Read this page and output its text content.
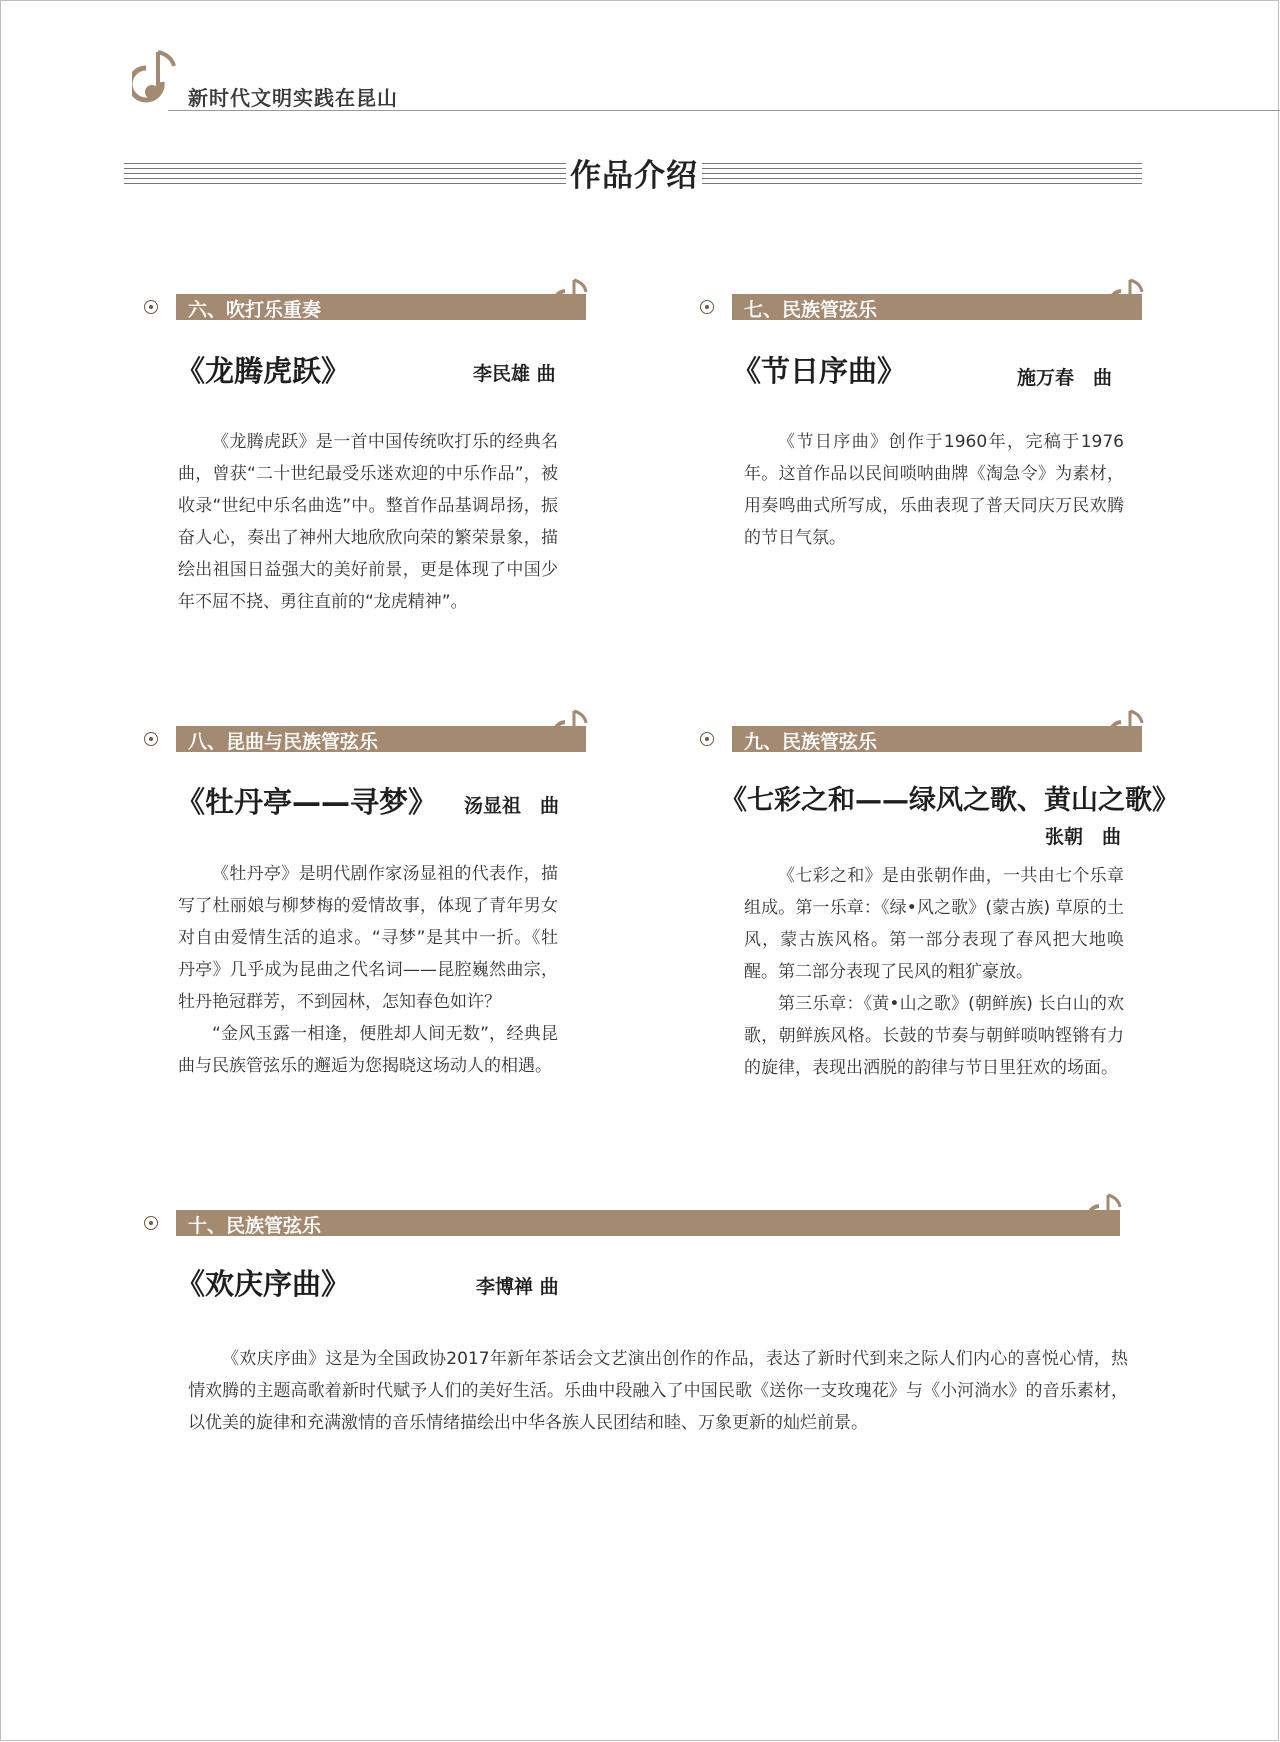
新时代文明实践在昆山
作品介绍
六、吹打乐重奏
《龙腾虎跃》	李民雄 曲

《龙腾虎跃》是一首中国传统吹打乐的经典名曲，曾获“二十世纪最受乐迷欢迎的中乐作品”，被收录“世纪中乐名曲选”中。整首作品基调昂扬，振奋人心，奏出了神州大地欣欣向荣的繁荣景象，描绘出祖国日益强大的美好前景，更是体现了中国少年不屈不挠、勇往直前的“龙虎精神”。

七、民族管弦乐
《节日序曲》	施万春　曲

《节日序曲》创作于1960年，完稿于1976年。这首作品以民间唢呐曲牌《淘急令》为素材，用奏鸣曲式所写成，乐曲表现了普天同庆万民欢腾的节日气氛。

八、昆曲与民族管弦乐
《牡丹亭——寻梦》 汤显祖　曲

《牡丹亭》是明代剧作家汤显祖的代表作，描写了杜丽娘与柳梦梅的爱情故事，体现了青年男女对自由爱情生活的追求。“寻梦”是其中一折。《牡丹亭》几乎成为昆曲之代名词——昆腔巍然曲宗，牡丹艳冠群芳，不到园林，怎知春色如许？

“金风玉露一相逢，便胜却人间无数”，经典昆曲与民族管弦乐的邂逅为您揭晓这场动人的相遇。

九、民族管弦乐
《七彩之和——绿风之歌、黄山之歌》
张朝　曲

《七彩之和》是由张朝作曲，一共由七个乐章组成。第一乐章：《绿•风之歌》(蒙古族) 草原的土风，蒙古族风格。第一部分表现了春风把大地唤醒。第二部分表现了民风的粗犷豪放。

第三乐章：《黄•山之歌》(朝鲜族) 长白山的欢歌，朝鲜族风格。长鼓的节奏与朝鲜唢呐铿锵有力的旋律，表现出洒脱的韵律与节日里狂欢的场面。

十、民族管弦乐
《欢庆序曲》	李博禅 曲

《欢庆序曲》这是为全国政协2017年新年茶话会文艺演出创作的作品，表达了新时代到来之际人们内心的喜悦心情，热情欢腾的主题高歌着新时代赋予人们的美好生活。乐曲中段融入了中国民歌《送你一支玫瑰花》与《小河淌水》的音乐素材，以优美的旋律和充满激情的音乐情绪描绘出中华各族人民团结和睦、万象更新的灿烂前景。
